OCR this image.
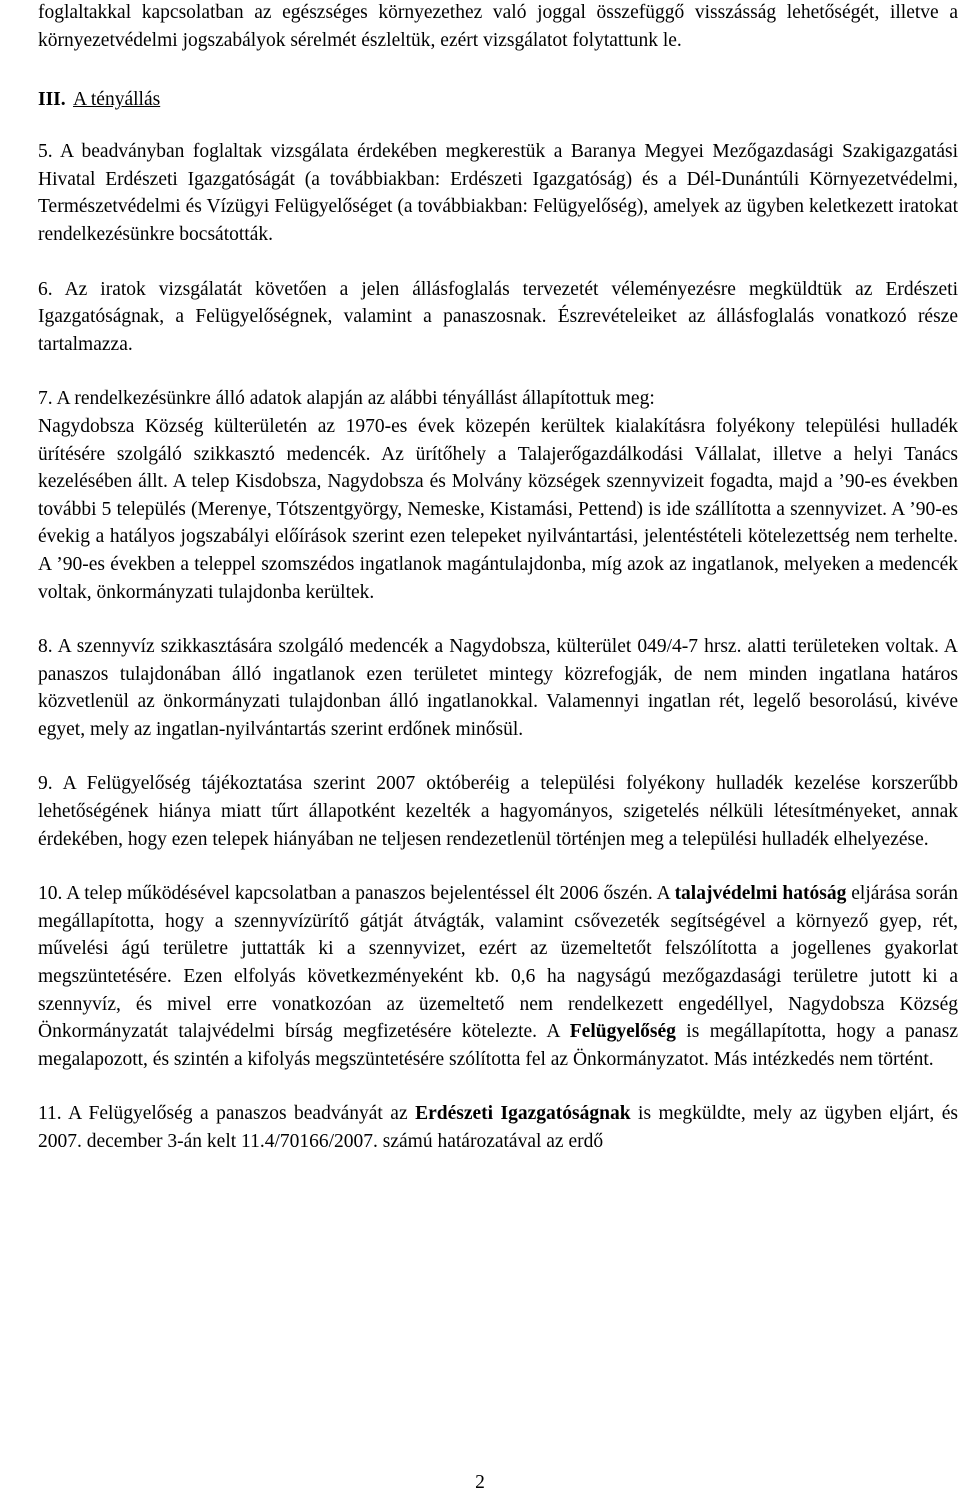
foglaltakkal kapcsolatban az egészséges környezethez való joggal összefüggő visszásság lehetőségét, illetve a környezetvédelmi jogszabályok sérelmét észleltük, ezért vizsgálatot folytattunk le.

III. A tényállás

5. A beadványban foglaltak vizsgálata érdekében megkerestük a Baranya Megyei Mezőgazdasági Szakigazgatási Hivatal Erdészeti Igazgatóságát (a továbbiakban: Erdészeti Igazgatóság) és a Dél-Dunántúli Környezetvédelmi, Természetvédelmi és Vízügyi Felügyelőséget (a továbbiakban: Felügyelőség), amelyek az ügyben keletkezett iratokat rendelkezésünkre bocsátották.

6. Az iratok vizsgálatát követően a jelen állásfoglalás tervezetét véleményezésre megküldtük az Erdészeti Igazgatóságnak, a Felügyelőségnek, valamint a panaszosnak. Észrevételeiket az állásfoglalás vonatkozó része tartalmazza.

7. A rendelkezésünkre álló adatok alapján az alábbi tényállást állapítottuk meg:

Nagydobsza Község külterületén az 1970-es évek közepén kerültek kialakításra folyékony települési hulladék ürítésére szolgáló szikkasztó medencék. Az ürítőhely a Talajerőgazdálkodási Vállalat, illetve a helyi Tanács kezelésében állt. A telep Kisdobsza, Nagydobsza és Molvány községek szennyvizeit fogadta, majd a ’90-es években további 5 település (Merenye, Tótszentgyörgy, Nemeske, Kistamási, Pettend) is ide szállította a szennyvizet. A ’90-es évekig a hatályos jogszabályi előírások szerint ezen telepeket nyilvántartási, jelentéstételi kötelezettség nem terhelte. A ’90-es években a teleppel szomszédos ingatlanok magántulajdonba, míg azok az ingatlanok, melyeken a medencék voltak, önkormányzati tulajdonba kerültek.

8. A szennyvíz szikkasztására szolgáló medencék a Nagydobsza, külterület 049/4-7 hrsz. alatti területeken voltak. A panaszos tulajdonában álló ingatlanok ezen területet mintegy közrefogják, de nem minden ingatlana határos közvetlenül az önkormányzati tulajdonban álló ingatlanokkal. Valamennyi ingatlan rét, legelő besorolású, kivéve egyet, mely az ingatlan-nyilvántartás szerint erdőnek minősül.

9. A Felügyelőség tájékoztatása szerint 2007 októberéig a települési folyékony hulladék kezelése korszerűbb lehetőségének hiánya miatt tűrt állapotként kezelték a hagyományos, szigetelés nélküli létesítményeket, annak érdekében, hogy ezen telepek hiányában ne teljesen rendezetlenül történjen meg a települési hulladék elhelyezése.

10. A telep működésével kapcsolatban a panaszos bejelentéssel élt 2006 őszén. A talajvédelmi hatóság eljárása során megállapította, hogy a szennyvízürítő gátját átvágták, valamint csővezeték segítségével a környező gyep, rét, művelési ágú területre juttatták ki a szennyvizet, ezért az üzemeltetőt felszólította a jogellenes gyakorlat megszüntetésére. Ezen elfolyás következményeként kb. 0,6 ha nagyságú mezőgazdasági területre jutott ki a szennyvíz, és mivel erre vonatkozóan az üzemeltető nem rendelkezett engedéllyel, Nagydobsza Község Önkormányzatát talajvédelmi bírság megfizetésére kötelezte. A Felügyelőség is megállapította, hogy a panasz megalapozott, és szintén a kifolyás megszüntetésére szólította fel az Önkormányzatot. Más intézkedés nem történt.

11. A Felügyelőség a panaszos beadványát az Erdészeti Igazgatóságnak is megküldte, mely az ügyben eljárt, és 2007. december 3-án kelt 11.4/70166/2007. számú határozatával az erdő

2
